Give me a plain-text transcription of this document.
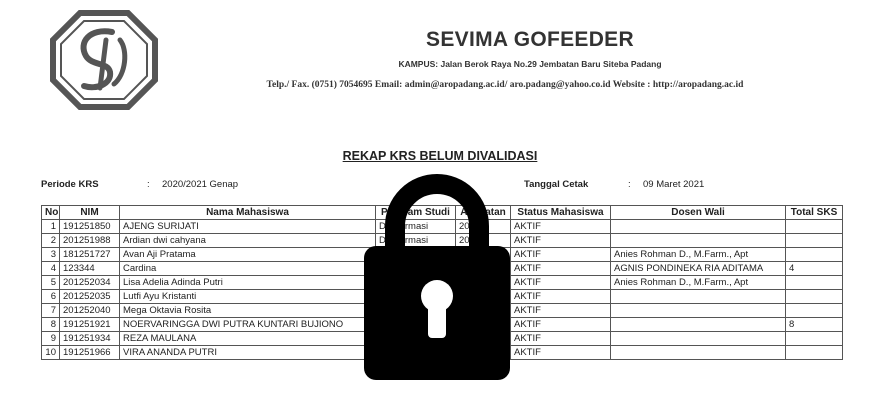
SEVIMA GOFEEDER
KAMPUS: Jalan Berok Raya No.29 Jembatan Baru Siteba Padang
Telp./ Fax. (0751) 7054695 Email: admin@aropadang.ac.id/ aro.padang@yahoo.co.id Website : http://aropadang.ac.id
REKAP KRS BELUM DIVALIDASI
Periode KRS	: 2020/2021 Genap	Tanggal Cetak	: 09 Maret 2021
No	NIM	Nama Mahasiswa	Program Studi	Angkatan	Status Mahasiswa	Dosen Wali	Total SKS
1	191251850	AJENG SURIJATI	D3 Farmasi	2019	AKTIF		
2	201251988	Ardian dwi cahyana	D3 Farmasi	2020	AKTIF		
3	181251727	Avan Aji Pratama			AKTIF	Anies Rohman D., M.Farm., Apt	
4	123344	Cardina			AKTIF	AGNIS PONDINEKA RIA ADITAMA	4
5	201252034	Lisa Adelia Adinda Putri			AKTIF	Anies Rohman D., M.Farm., Apt	
6	201252035	Lutfi Ayu Kristanti			AKTIF		
7	201252040	Mega Oktavia Rosita			AKTIF		
8	191251921	NOERVARINGGA DWI PUTRA KUNTARI BUJIONO			AKTIF		8
9	191251934	REZA MAULANA			AKTIF		
10	191251966	VIRA ANANDA PUTRI			AKTIF		
